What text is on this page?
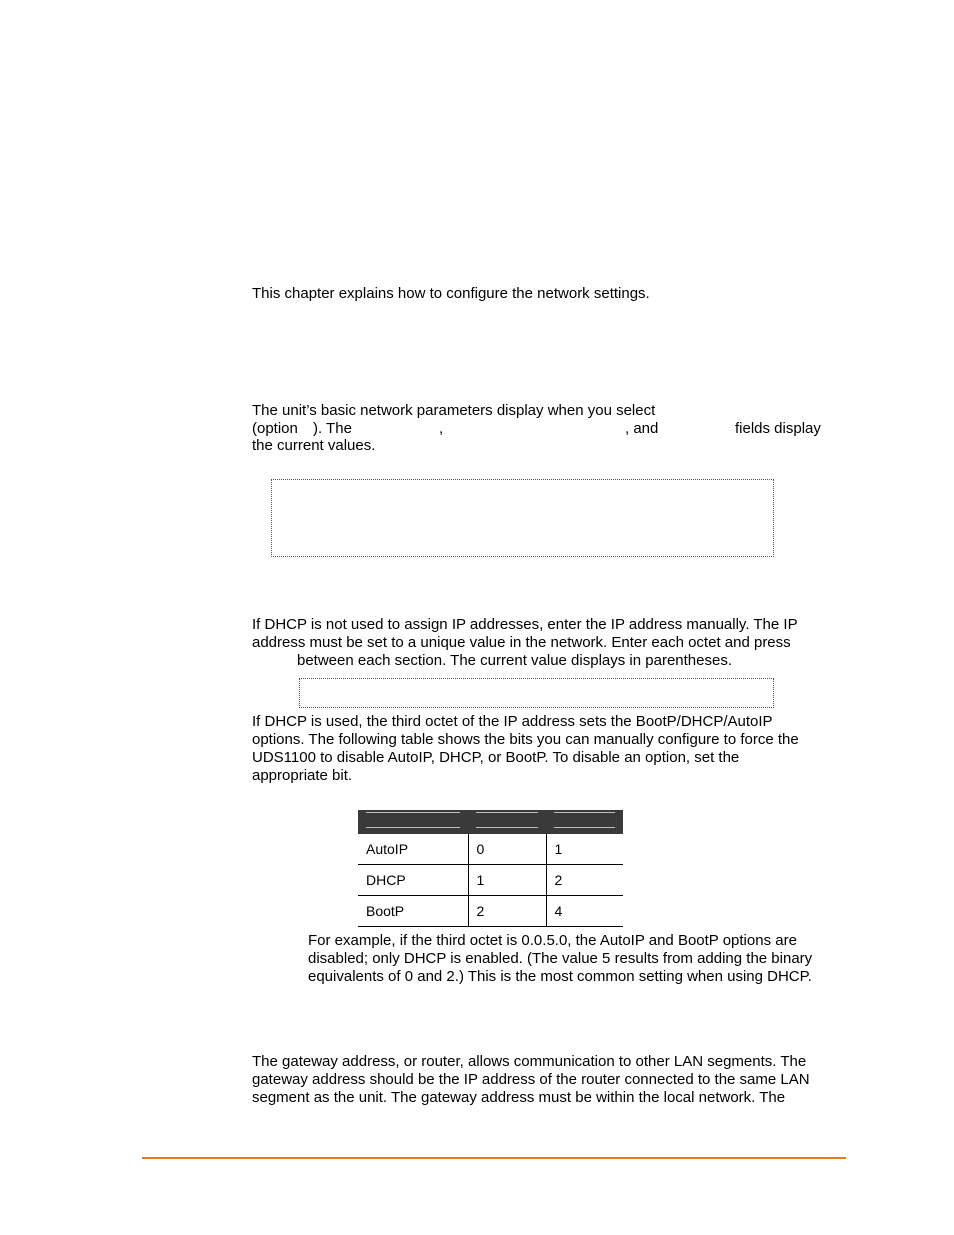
This chapter explains how to configure the network settings.

The unit’s basic network parameters display when you select

(option ). The	,	, and	fields display

the current values.

If DHCP is not used to assign IP addresses, enter the IP address manually. The IP

address must be set to a unique value in the network. Enter each octet and press

between each section. The current value displays in parentheses.

If DHCP is used, the third octet of the IP address sets the BootP/DHCP/AutoIP

options. The following table shows the bits you can manually configure to force the

UDS1100 to disable AutoIP, DHCP, or BootP. To disable an option, set the

appropriate bit.

AutoIP	0	1
DHCP	1	2
BootP	2	4

For example, if the third octet is 0.0.5.0, the AutoIP and BootP options are

disabled; only DHCP is enabled. (The value 5 results from adding the binary

equivalents of 0 and 2.) This is the most common setting when using DHCP.

The gateway address, or router, allows communication to other LAN segments. The

gateway address should be the IP address of the router connected to the same LAN

segment as the unit. The gateway address must be within the local network. The
